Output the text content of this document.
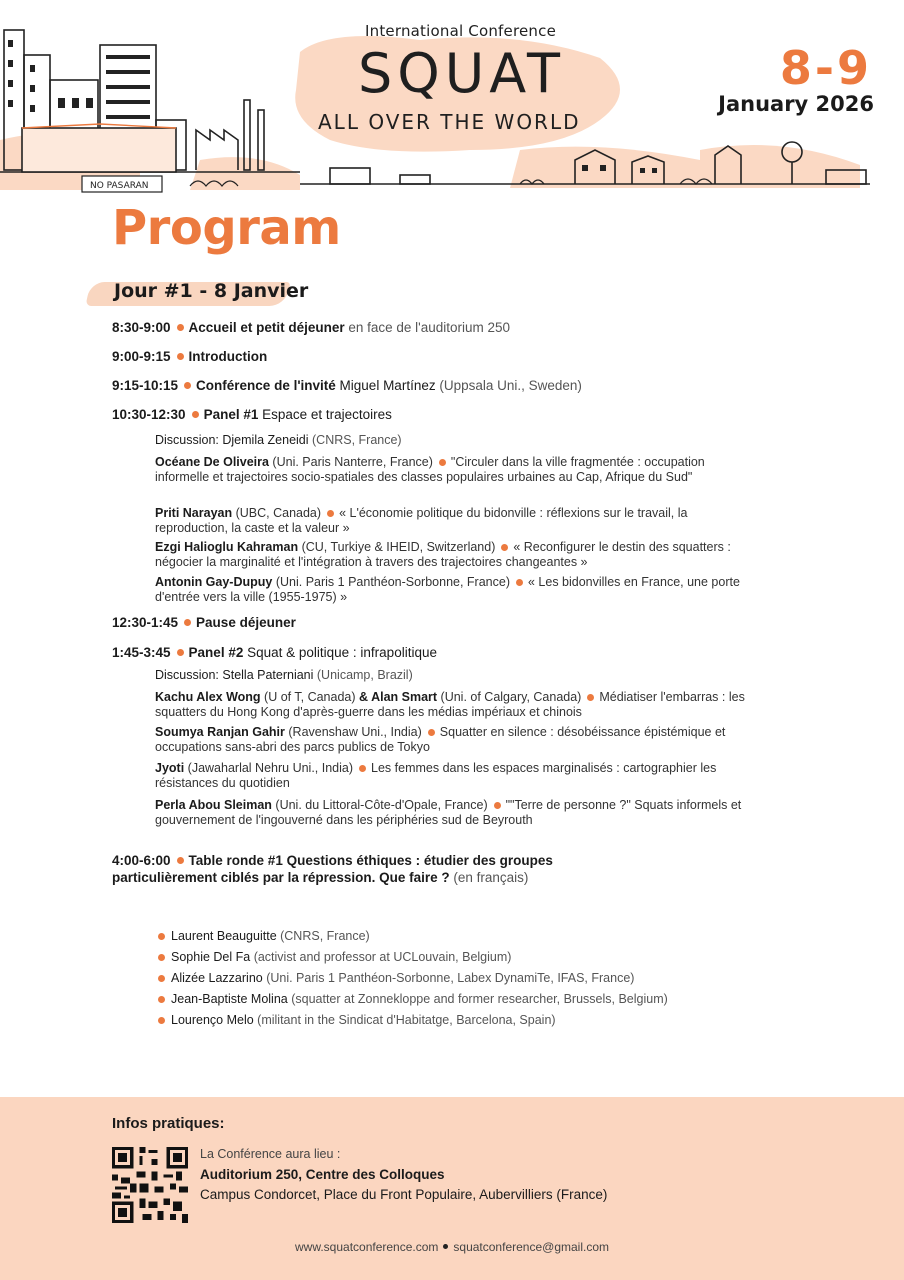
NO PASARAN
International Conference
SQUAT
ALL OVER THE WORLD
8-9
January 2026
Program
Jour #1 - 8 Janvier
8:30-9:00 Accueil et petit déjeuner en face de l'auditorium 250
9:00-9:15 Introduction
9:15-10:15 Conférence de l'invité Miguel Martínez (Uppsala Uni., Sweden)
10:30-12:30 Panel #1 Espace et trajectoires
Discussion: Djemila Zeneidi (CNRS, France)
Océane De Oliveira (Uni. Paris Nanterre, France) "Circuler dans la ville fragmentée : occupation informelle et trajectoires socio-spatiales des classes populaires urbaines au Cap, Afrique du Sud"
Priti Narayan (UBC, Canada) « L'économie politique du bidonville : réflexions sur le travail, la reproduction, la caste et la valeur »
Ezgi Halioglu Kahraman (CU, Turkiye & IHEID, Switzerland) « Reconfigurer le destin des squatters : négocier la marginalité et l'intégration à travers des trajectoires changeantes »
Antonin Gay-Dupuy (Uni. Paris 1 Panthéon-Sorbonne, France) « Les bidonvilles en France, une porte d'entrée vers la ville (1955-1975) »
12:30-1:45 Pause déjeuner
1:45-3:45 Panel #2 Squat & politique : infrapolitique
Discussion: Stella Paterniani (Unicamp, Brazil)
Kachu Alex Wong (U of T, Canada) & Alan Smart (Uni. of Calgary, Canada) Médiatiser l'embarras : les squatters du Hong Kong d'après-guerre dans les médias impériaux et chinois
Soumya Ranjan Gahir (Ravenshaw Uni., India) Squatter en silence : désobéissance épistémique et occupations sans-abri des parcs publics de Tokyo
Jyoti (Jawaharlal Nehru Uni., India) Les femmes dans les espaces marginalisés : cartographier les résistances du quotidien
Perla Abou Sleiman (Uni. du Littoral-Côte-d'Opale, France) ""Terre de personne ?" Squats informels et gouvernement de l'ingouverné dans les périphéries sud de Beyrouth
4:00-6:00 Table ronde #1 Questions éthiques : étudier des groupes
particulièrement ciblés par la répression. Que faire ? (en français)
Laurent Beauguitte (CNRS, France)
Sophie Del Fa (activist and professor at UCLouvain, Belgium)
Alizée Lazzarino (Uni. Paris 1 Panthéon-Sorbonne, Labex DynamiTe, IFAS, France)
Jean-Baptiste Molina (squatter at Zonnekloppe and former researcher, Brussels, Belgium)
Lourenço Melo (militant in the Sindicat d'Habitatge, Barcelona, Spain)
Infos pratiques:
La Conférence aura lieu :
Auditorium 250, Centre des Colloques
Campus Condorcet, Place du Front Populaire, Aubervilliers (France)
www.squatconference.com squatconference@gmail.com
